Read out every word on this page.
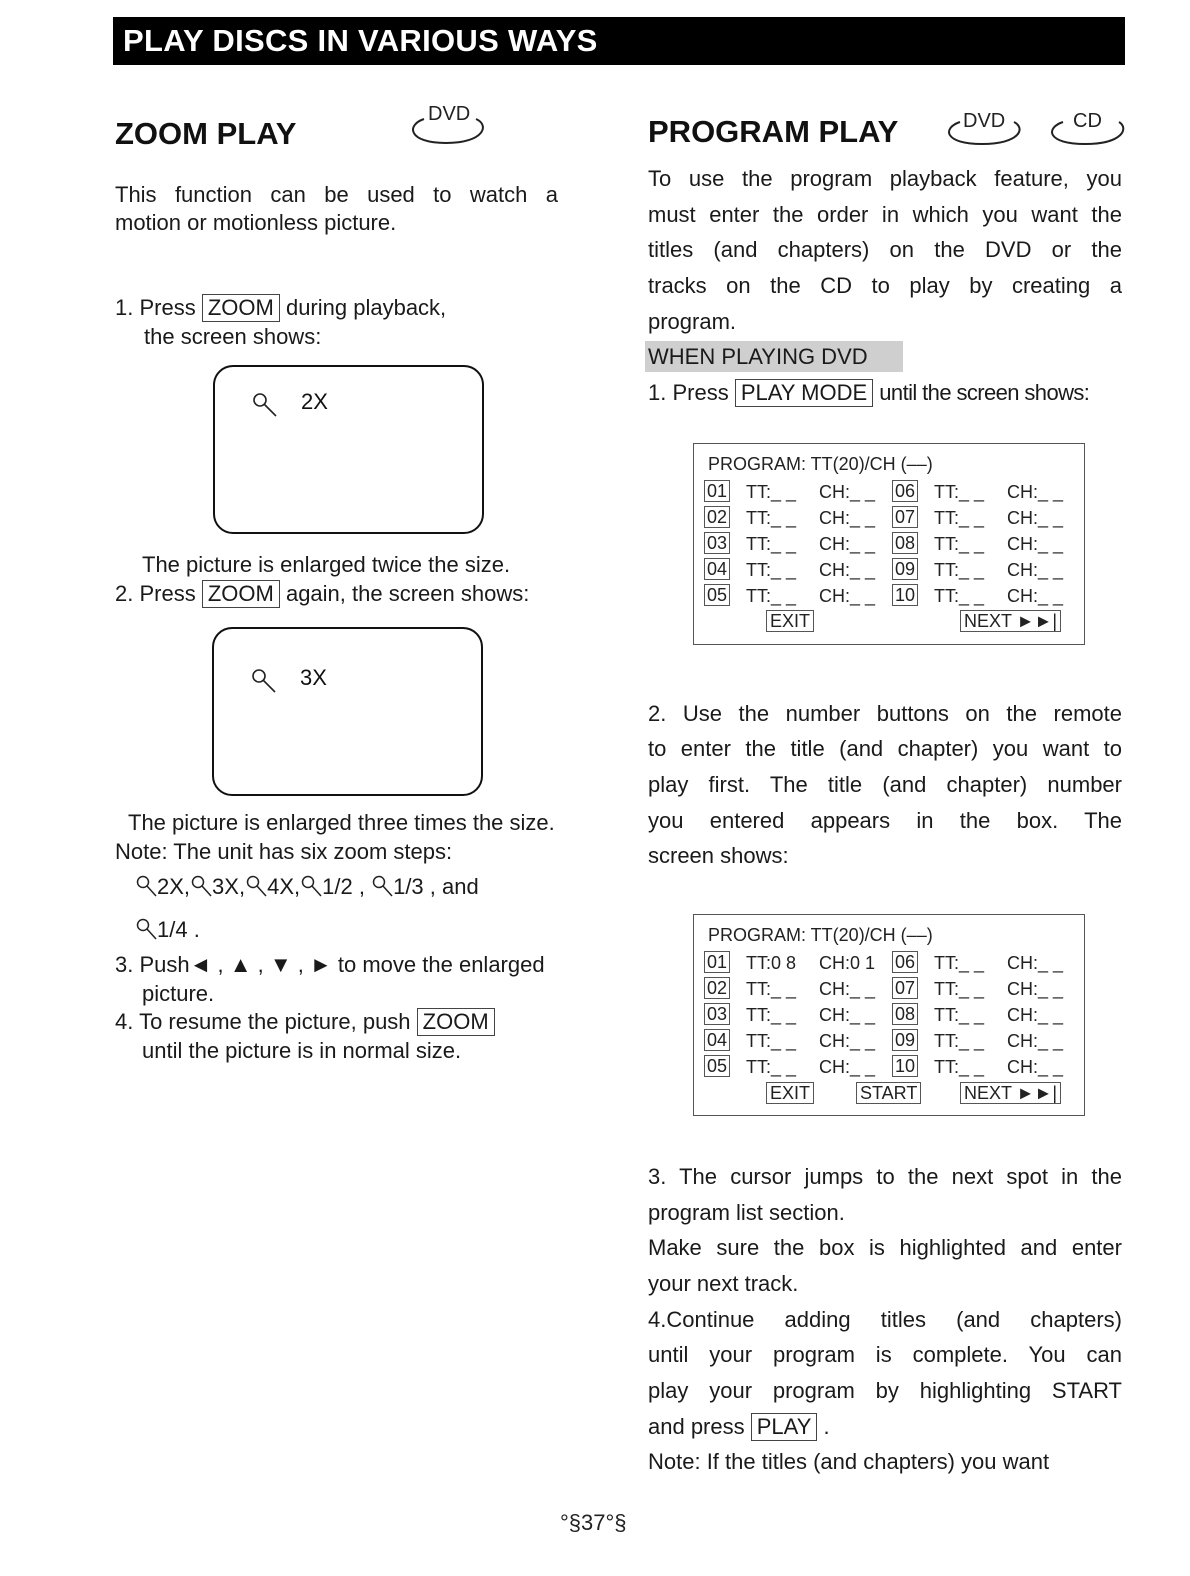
PLAY DISCS IN VARIOUS WAYS
ZOOM PLAY
DVD
This function can be used to watch a
motion or motionless picture.
1. Press ZOOM during playback,
the screen shows:
2X
The picture is enlarged twice the size.
2. Press ZOOM again, the screen shows:
3X
The picture is enlarged three times the size.
Note: The unit has six zoom steps:
2X, 3X, 4X, 1/2 , 1/3 , and
1/4 .
3. Push◄ , ▲ , ▼ , ► to move the enlarged
picture.
4. To resume the picture, push ZOOM
until the picture is in normal size.
PROGRAM PLAY	DVD	CD
To use the program playback feature, you
must enter the order in which you want the
titles (and chapters) on the DVD or the
tracks on the CD to play by creating a
program.
WHEN PLAYING DVD
1. Press PLAY MODE until the screen shows:
PROGRAM: TT(20)/CH (––)
01 TT:_ _ CH:_ _ 06 TT:_ _ CH:_ _
02 TT:_ _ CH:_ _ 07 TT:_ _ CH:_ _
03 TT:_ _ CH:_ _ 08 TT:_ _ CH:_ _
04 TT:_ _ CH:_ _ 09 TT:_ _ CH:_ _
05 TT:_ _ CH:_ _ 10 TT:_ _ CH:_ _
EXIT	NEXT ►►|
2. Use the number buttons on the remote
to enter the title (and chapter) you want to
play first. The title (and chapter) number
you entered appears in the box. The
screen shows:
PROGRAM: TT(20)/CH (––)
01 TT:0 8 CH:0 1 06 TT:_ _ CH:_ _
02 TT:_ _ CH:_ _ 07 TT:_ _ CH:_ _
03 TT:_ _ CH:_ _ 08 TT:_ _ CH:_ _
04 TT:_ _ CH:_ _ 09 TT:_ _ CH:_ _
05 TT:_ _ CH:_ _ 10 TT:_ _ CH:_ _
EXIT	START	NEXT ►►|
3. The cursor jumps to the next spot in the
program list section.
Make sure the box is highlighted and enter
your next track.
4.Continue adding titles (and chapters)
until your program is complete. You can
play your program by highlighting START
and press PLAY .
Note: If the titles (and chapters) you want
°§37°§
